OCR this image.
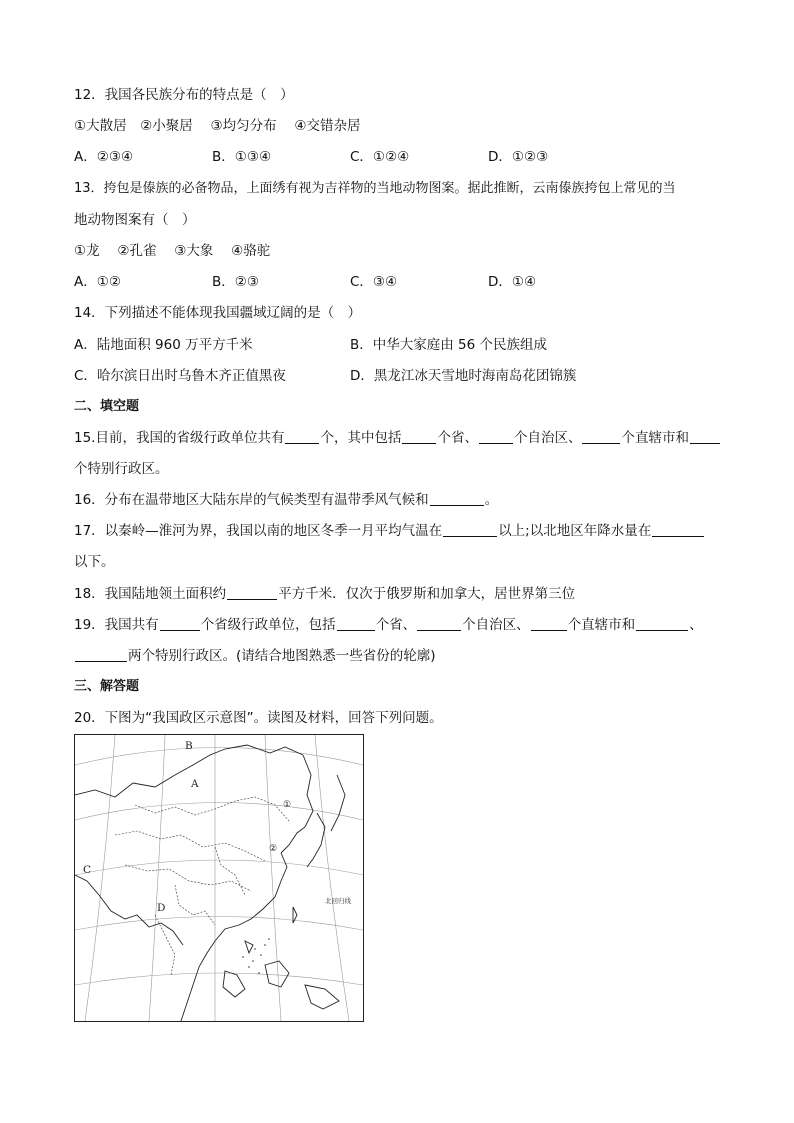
12．我国各民族分布的特点是（　）
①大散居　②小聚居　 ③均匀分布　 ④交错杂居
A．②③④	B．①③④	C．①②④	D．①②③
13．挎包是傣族的必备物品，上面绣有视为吉祥物的当地动物图案。据此推断，云南傣族挎包上常见的当
地动物图案有（　）
①龙　 ②孔雀　 ③大象　 ④骆驼
A．①②	B．②③	C．③④	D．①④
14．下列描述不能体现我国疆域辽阔的是（　）
A．陆地面积 960 万平方千米	B．中华大家庭由 56 个民族组成
C．哈尔滨日出时乌鲁木齐正值黑夜	D．黑龙江冰天雪地时海南岛花团锦簇
二、填空题
15.目前，我国的省级行政单位共有	个，其中包括	个省、	个自治区、	个直辖市和
个特别行政区。
16．分布在温带地区大陆东岸的气候类型有温带季风气候和	。
17．以秦岭—淮河为界，我国以南的地区冬季一月平均气温在	以上;以北地区年降水量在
以下。
18．我国陆地领土面积约	平方千米．仅次于俄罗斯和加拿大，居世界第三位
19．我国共有	个省级行政单位，包括	个省、	个自治区、	个直辖市和	、
两个特别行政区。(请结合地图熟悉一些省份的轮廓)
三、解答题
20．下图为“我国政区示意图”。读图及材料，回答下列问题。
B
A
C
D
①
②
北回归线
